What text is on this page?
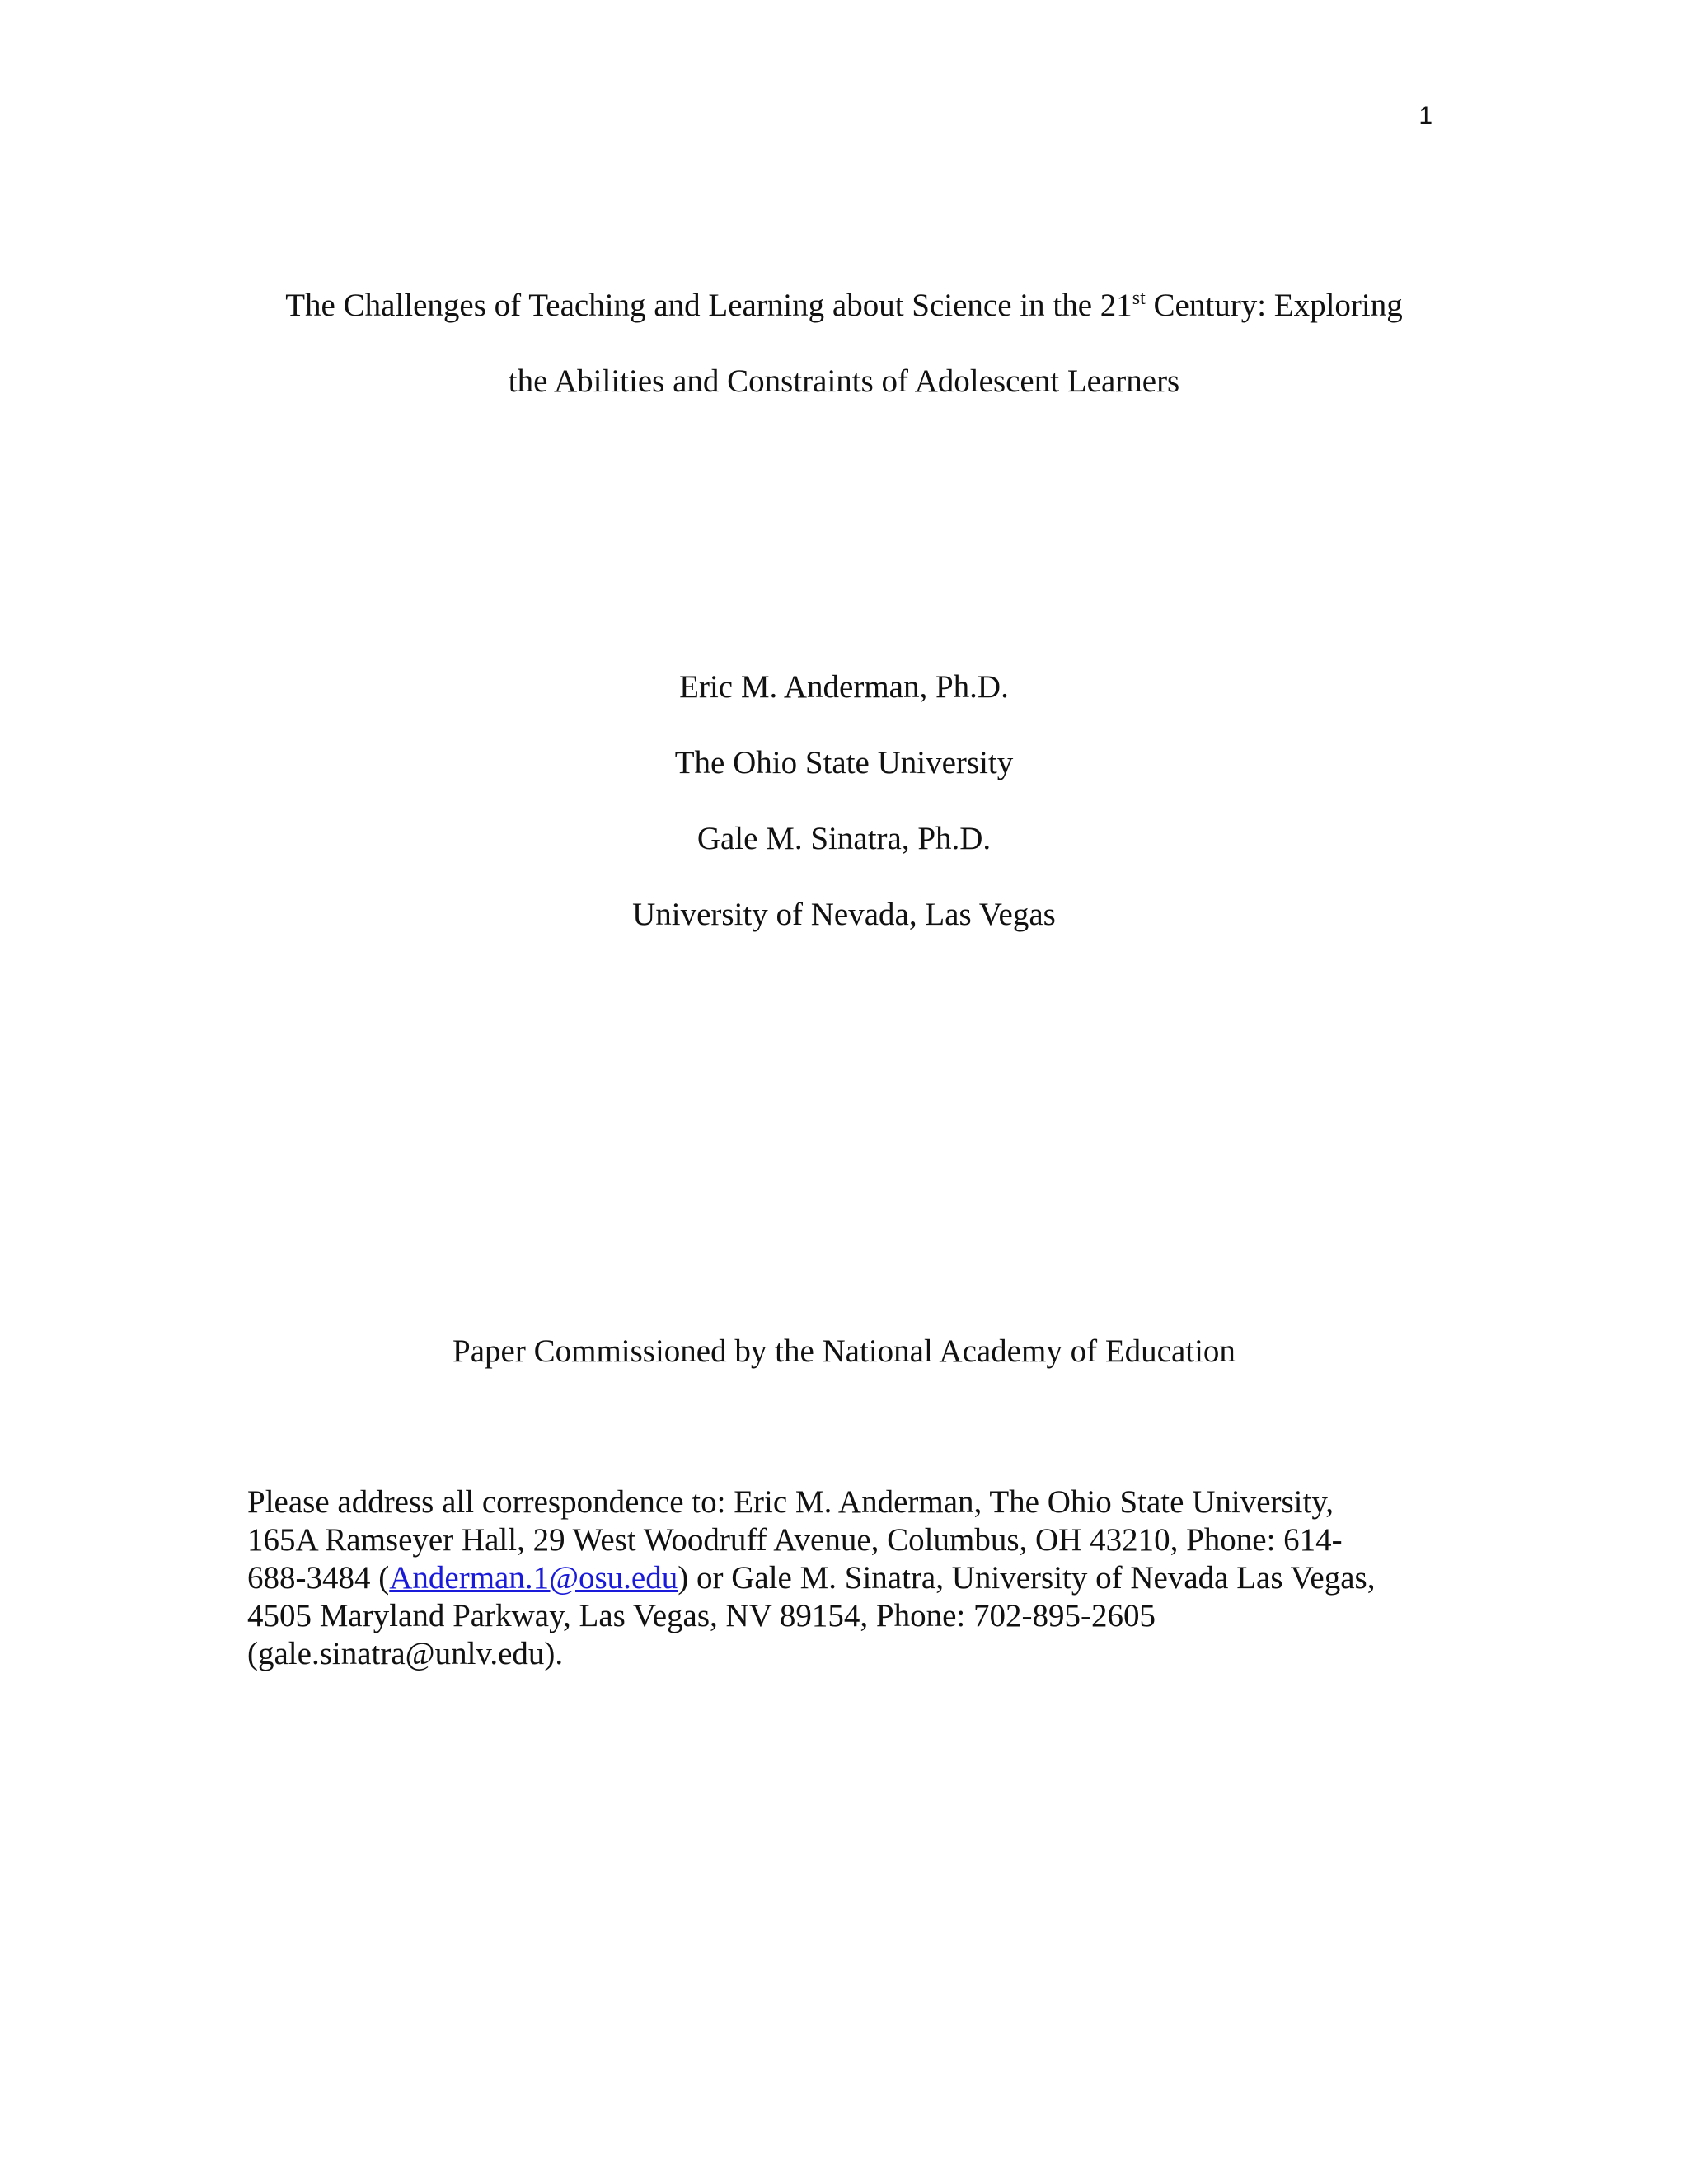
1
The Challenges of Teaching and Learning about Science in the 21st Century: Exploring
the Abilities and Constraints of Adolescent Learners
Eric M. Anderman, Ph.D.
The Ohio State University
Gale M. Sinatra, Ph.D.
University of Nevada, Las Vegas
Paper Commissioned by the National Academy of Education
Please address all correspondence to: Eric M. Anderman, The Ohio State University,
165A Ramseyer Hall, 29 West Woodruff Avenue, Columbus, OH 43210, Phone: 614-
688-3484 (Anderman.1@osu.edu) or Gale M. Sinatra, University of Nevada Las Vegas,
4505 Maryland Parkway, Las Vegas, NV 89154, Phone: 702-895-2605
(gale.sinatra@unlv.edu).
